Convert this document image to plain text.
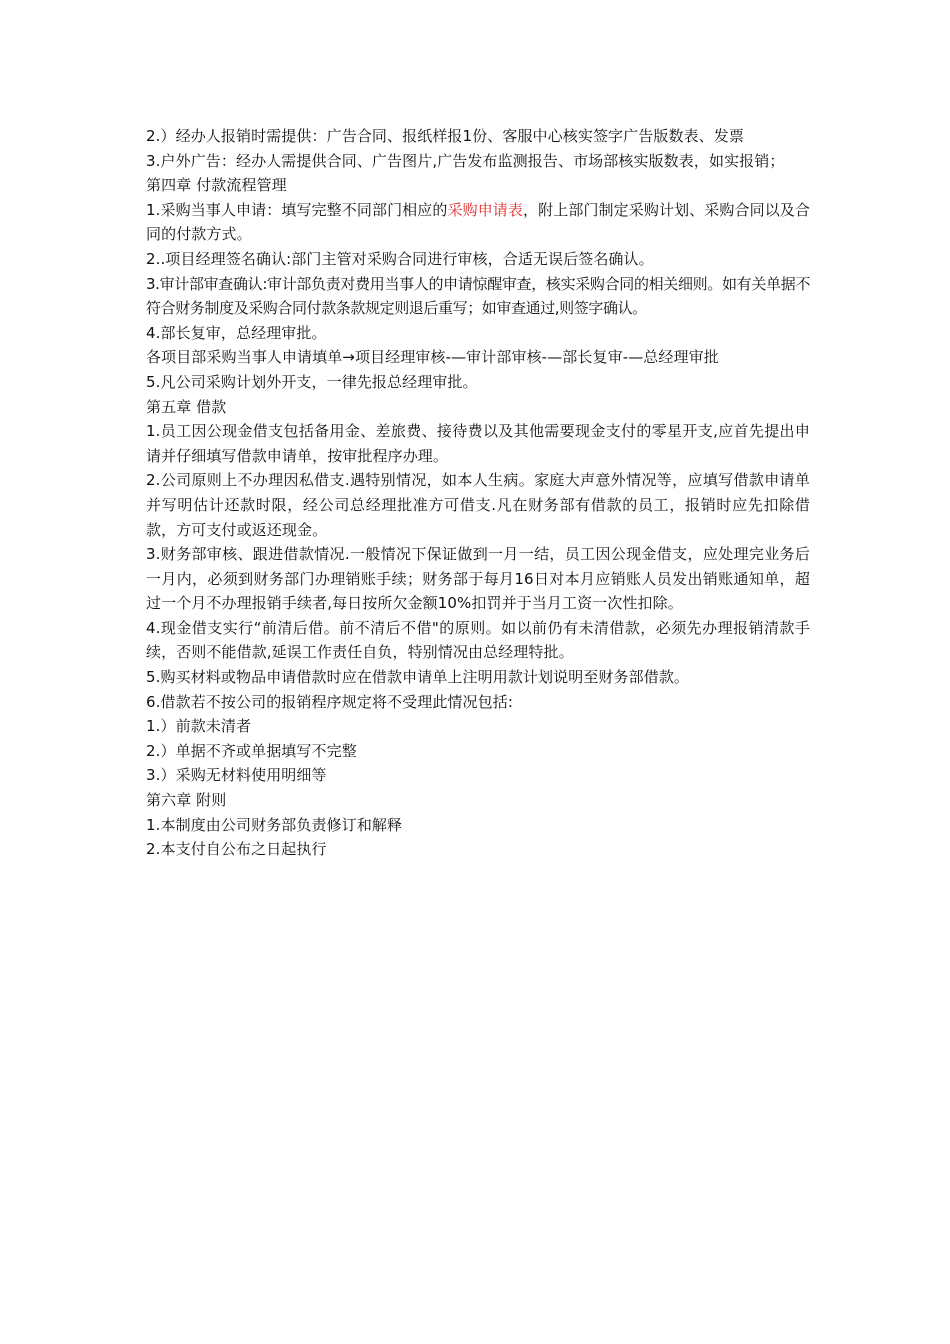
2.）经办人报销时需提供：广告合同、报纸样报1份、客服中心核实签字广告版数表、发票

3.户外广告：经办人需提供合同、广告图片,广告发布监测报告、市场部核实版数表，如实报销；

第四章 付款流程管理

1.采购当事人申请：填写完整不同部门相应的采购申请表，附上部门制定采购计划、采购合同以及合同的付款方式。

2..项目经理签名确认:部门主管对采购合同进行审核，合适无误后签名确认。

3.审计部审查确认:审计部负责对费用当事人的申请惊醒审查，核实采购合同的相关细则。如有关单据不符合财务制度及采购合同付款条款规定则退后重写；如审查通过,则签字确认。

4.部长复审，总经理审批。

各项目部采购当事人申请填单→项目经理审核-—审计部审核-—部长复审-—总经理审批

5.凡公司采购计划外开支，一律先报总经理审批。

第五章 借款

1.员工因公现金借支包括备用金、差旅费、接待费以及其他需要现金支付的零星开支,应首先提出申请并仔细填写借款申请单，按审批程序办理。

2.公司原则上不办理因私借支.遇特别情况，如本人生病。家庭大声意外情况等，应填写借款申请单并写明估计还款时限，经公司总经理批准方可借支.凡在财务部有借款的员工，报销时应先扣除借款，方可支付或返还现金。

3.财务部审核、跟进借款情况.一般情况下保证做到一月一结，员工因公现金借支，应处理完业务后一月内，必须到财务部门办理销账手续；财务部于每月16日对本月应销账人员发出销账通知单，超过一个月不办理报销手续者,每日按所欠金额10%扣罚并于当月工资一次性扣除。

4.现金借支实行“前清后借。前不清后不借"的原则。如以前仍有未清借款，必须先办理报销清款手续，否则不能借款,延误工作责任自负，特别情况由总经理特批。

5.购买材料或物品申请借款时应在借款申请单上注明用款计划说明至财务部借款。

6.借款若不按公司的报销程序规定将不受理此情况包括:

1.）前款未清者

2.）单据不齐或单据填写不完整

3.）采购无材料使用明细等

第六章 附则

1.本制度由公司财务部负责修订和解释

2.本支付自公布之日起执行
